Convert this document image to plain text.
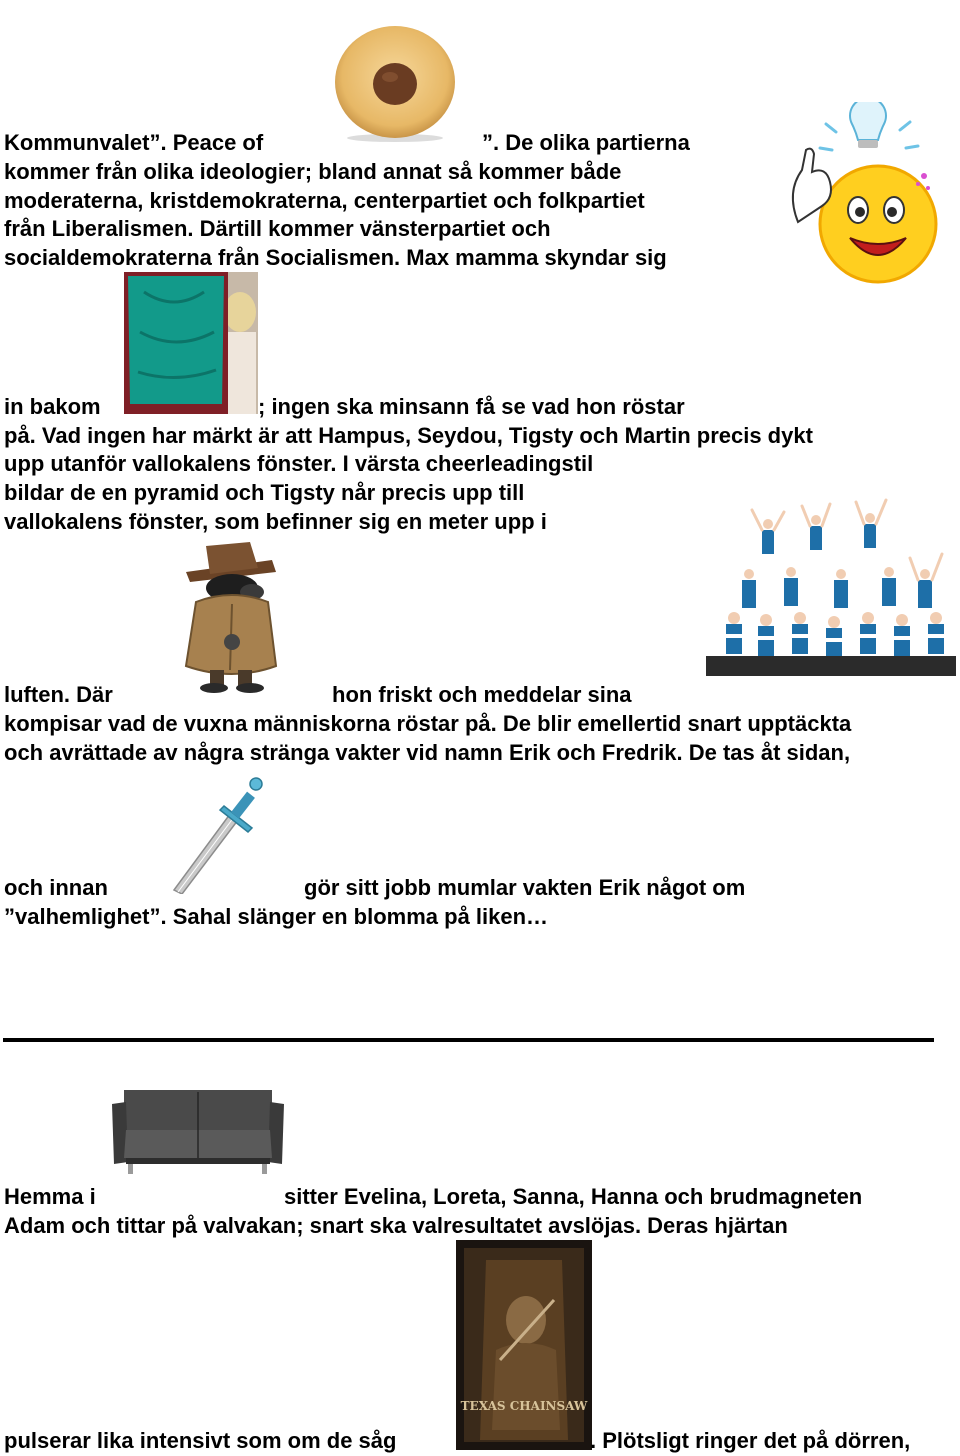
TEXAS CHAINSAW
Kommunvalet”. Peace of	”. De olika partierna
kommer från olika ideologier; bland annat så kommer både
moderaterna, kristdemokraterna, centerpartiet och folkpartiet
från Liberalismen. Därtill kommer vänsterpartiet och
socialdemokraterna från Socialismen. Max mamma skyndar sig
in bakom	; ingen ska minsann få se vad hon röstar
på. Vad ingen har märkt är att Hampus, Seydou, Tigsty och Martin precis dykt
upp utanför vallokalens fönster. I värsta cheerleadingstil
bildar de en pyramid och Tigsty når precis upp till
vallokalens fönster, som befinner sig en meter upp i
luften. Där	hon friskt och meddelar sina
kompisar vad de vuxna människorna röstar på. De blir emellertid snart upptäckta
och avrättade av några stränga vakter vid namn Erik och Fredrik. De tas åt sidan,
och innan	gör sitt jobb mumlar vakten Erik något om
”valhemlighet”. Sahal slänger en blomma på liken…
Hemma i	sitter Evelina, Loreta, Sanna, Hanna och brudmagneten
Adam och tittar på valvakan; snart ska valresultatet avslöjas. Deras hjärtan
pulserar lika intensivt som om de såg	. Plötsligt ringer det på dörren,
